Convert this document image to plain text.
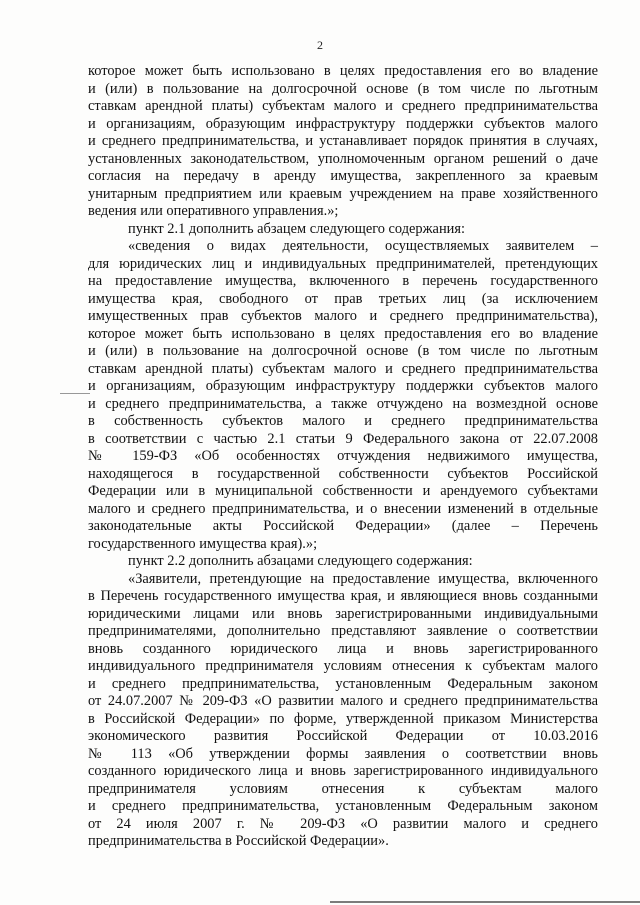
2
которое может быть использовано в целях предоставления его во владение
и (или) в пользование на долгосрочной основе (в том числе по льготным
ставкам арендной платы) субъектам малого и среднего предпринимательства
и организациям, образующим инфраструктуру поддержки субъектов малого
и среднего предпринимательства, и устанавливает порядок принятия в случаях,
установленных законодательством, уполномоченным органом решений о даче
согласия на передачу в аренду имущества, закрепленного за краевым
унитарным предприятием или краевым учреждением на праве хозяйственного
ведения или оперативного управления.»;
пункт 2.1 дополнить абзацем следующего содержания:
«сведения о видах деятельности, осуществляемых заявителем –
для юридических лиц и индивидуальных предпринимателей, претендующих
на предоставление имущества, включенного в перечень государственного
имущества края, свободного от прав третьих лиц (за исключением
имущественных прав субъектов малого и среднего предпринимательства),
которое может быть использовано в целях предоставления его во владение
и (или) в пользование на долгосрочной основе (в том числе по льготным
ставкам арендной платы) субъектам малого и среднего предпринимательства
и организациям, образующим инфраструктуру поддержки субъектов малого
и среднего предпринимательства, а также отчуждено на возмездной основе
в собственность субъектов малого и среднего предпринимательства
в соответствии с частью 2.1 статьи 9 Федерального закона от 22.07.2008
№ 159-ФЗ «Об особенностях отчуждения недвижимого имущества,
находящегося в государственной собственности субъектов Российской
Федерации или в муниципальной собственности и арендуемого субъектами
малого и среднего предпринимательства, и о внесении изменений в отдельные
законодательные акты Российской Федерации» (далее – Перечень
государственного имущества края).»;
пункт 2.2 дополнить абзацами следующего содержания:
«Заявители, претендующие на предоставление имущества, включенного
в Перечень государственного имущества края, и являющиеся вновь созданными
юридическими лицами или вновь зарегистрированными индивидуальными
предпринимателями, дополнительно представляют заявление о соответствии
вновь созданного юридического лица и вновь зарегистрированного
индивидуального предпринимателя условиям отнесения к субъектам малого
и среднего предпринимательства, установленным Федеральным законом
от 24.07.2007 № 209-ФЗ «О развитии малого и среднего предпринимательства
в Российской Федерации» по форме, утвержденной приказом Министерства
экономического развития Российской Федерации от 10.03.2016
№ 113 «Об утверждении формы заявления о соответствии вновь
созданного юридического лица и вновь зарегистрированного индивидуального
предпринимателя условиям отнесения к субъектам малого
и среднего предпринимательства, установленным Федеральным законом
от 24 июля 2007 г. № 209-ФЗ «О развитии малого и среднего
предпринимательства в Российской Федерации».
